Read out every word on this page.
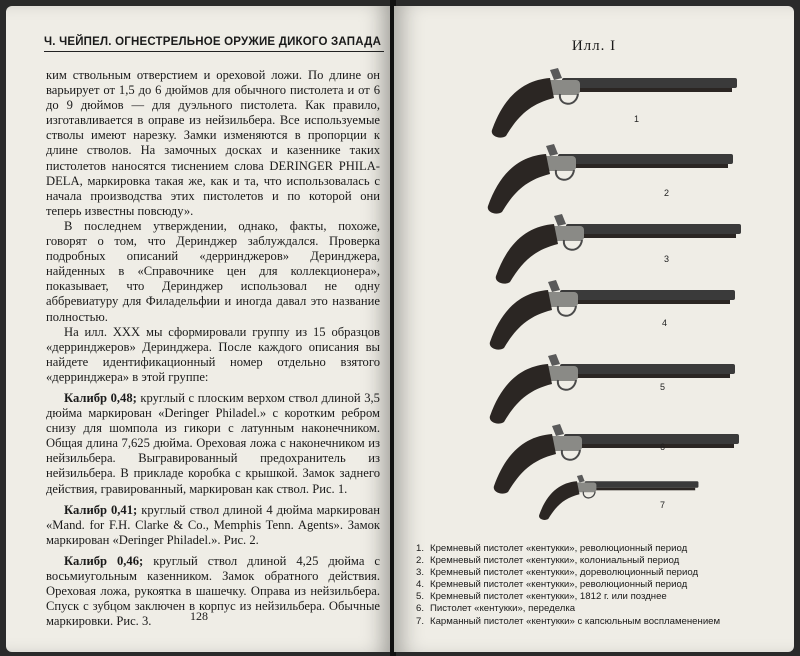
Ч. ЧЕЙПЕЛ. ОГНЕСТРЕЛЬНОЕ ОРУЖИЕ ДИКОГО ЗАПАДА

ким ствольным отверстием и ореховой ложи. По длине он варьирует от 1,5 до 6 дюймов для обычного пистолета и от 6 до 9 дюймов — для дуэльного пистолета. Как правило, изготавливается в оправе из нейзильбера. Все используемые стволы имеют нарезку. Замки изменяются в пропорции к длине стволов. На замочных досках и казеннике таких пистолетов наносятся тиснением слова DERINGER PHILA-DELA, маркировка такая же, как и та, что использовалась с начала производства этих пистолетов и по которой они теперь известны повсюду».

В последнем утверждении, однако, факты, похоже, говорят о том, что Деринджер заблуждался. Проверка подробных описаний «дерринджеров» Деринджера, найденных в «Справочнике цен для коллекционера», показывает, что Деринджер использовал не одну аббревиатуру для Филадельфии и иногда давал это название полностью.

На илл. XXX мы сформировали группу из 15 образцов «дерринджеров» Деринджера. После каждого описания вы найдете идентификационный номер отдельно взятого «дерринджера» в этой группе:

Калибр 0,48; круглый с плоским верхом ствол длиной 3,5 дюйма маркирован «Deringer Philadel.» с коротким ребром снизу для шомпола из гикори с латунным наконечником. Общая длина 7,625 дюйма. Ореховая ложа с наконечником из нейзильбера. Выгравированный предохранитель из нейзильбера. В прикладе коробка с крышкой. Замок заднего действия, гравированный, маркирован как ствол. Рис. 1.

Калибр 0,41; круглый ствол длиной 4 дюйма маркирован «Mand. for F.H. Clarke & Co., Memphis Tenn. Agents». Замок маркирован «Deringer Philadel.». Рис. 2.

Калибр 0,46; круглый ствол длиной 4,25 дюйма с восьмиугольным казенником. Замок обратного действия. Ореховая ложа, рукоятка в шашечку. Оправа из нейзильбера. Спуск с зубцом заключен в корпус из нейзильбера. Обычные маркировки. Рис. 3.	128
Илл. I
1
2
3
4
5
6
7
1. Кремневый пистолет «кентукки», революционный период
2. Кремневый пистолет «кентукки», колониальный период
3. Кремневый пистолет «кентукки», дореволюционный период
4. Кремневый пистолет «кентукки», революционный период
5. Кремневый пистолет «кентукки», 1812 г. или позднее
6. Пистолет «кентукки», переделка
7. Карманный пистолет «кентукки» с капсюльным воспламенением
